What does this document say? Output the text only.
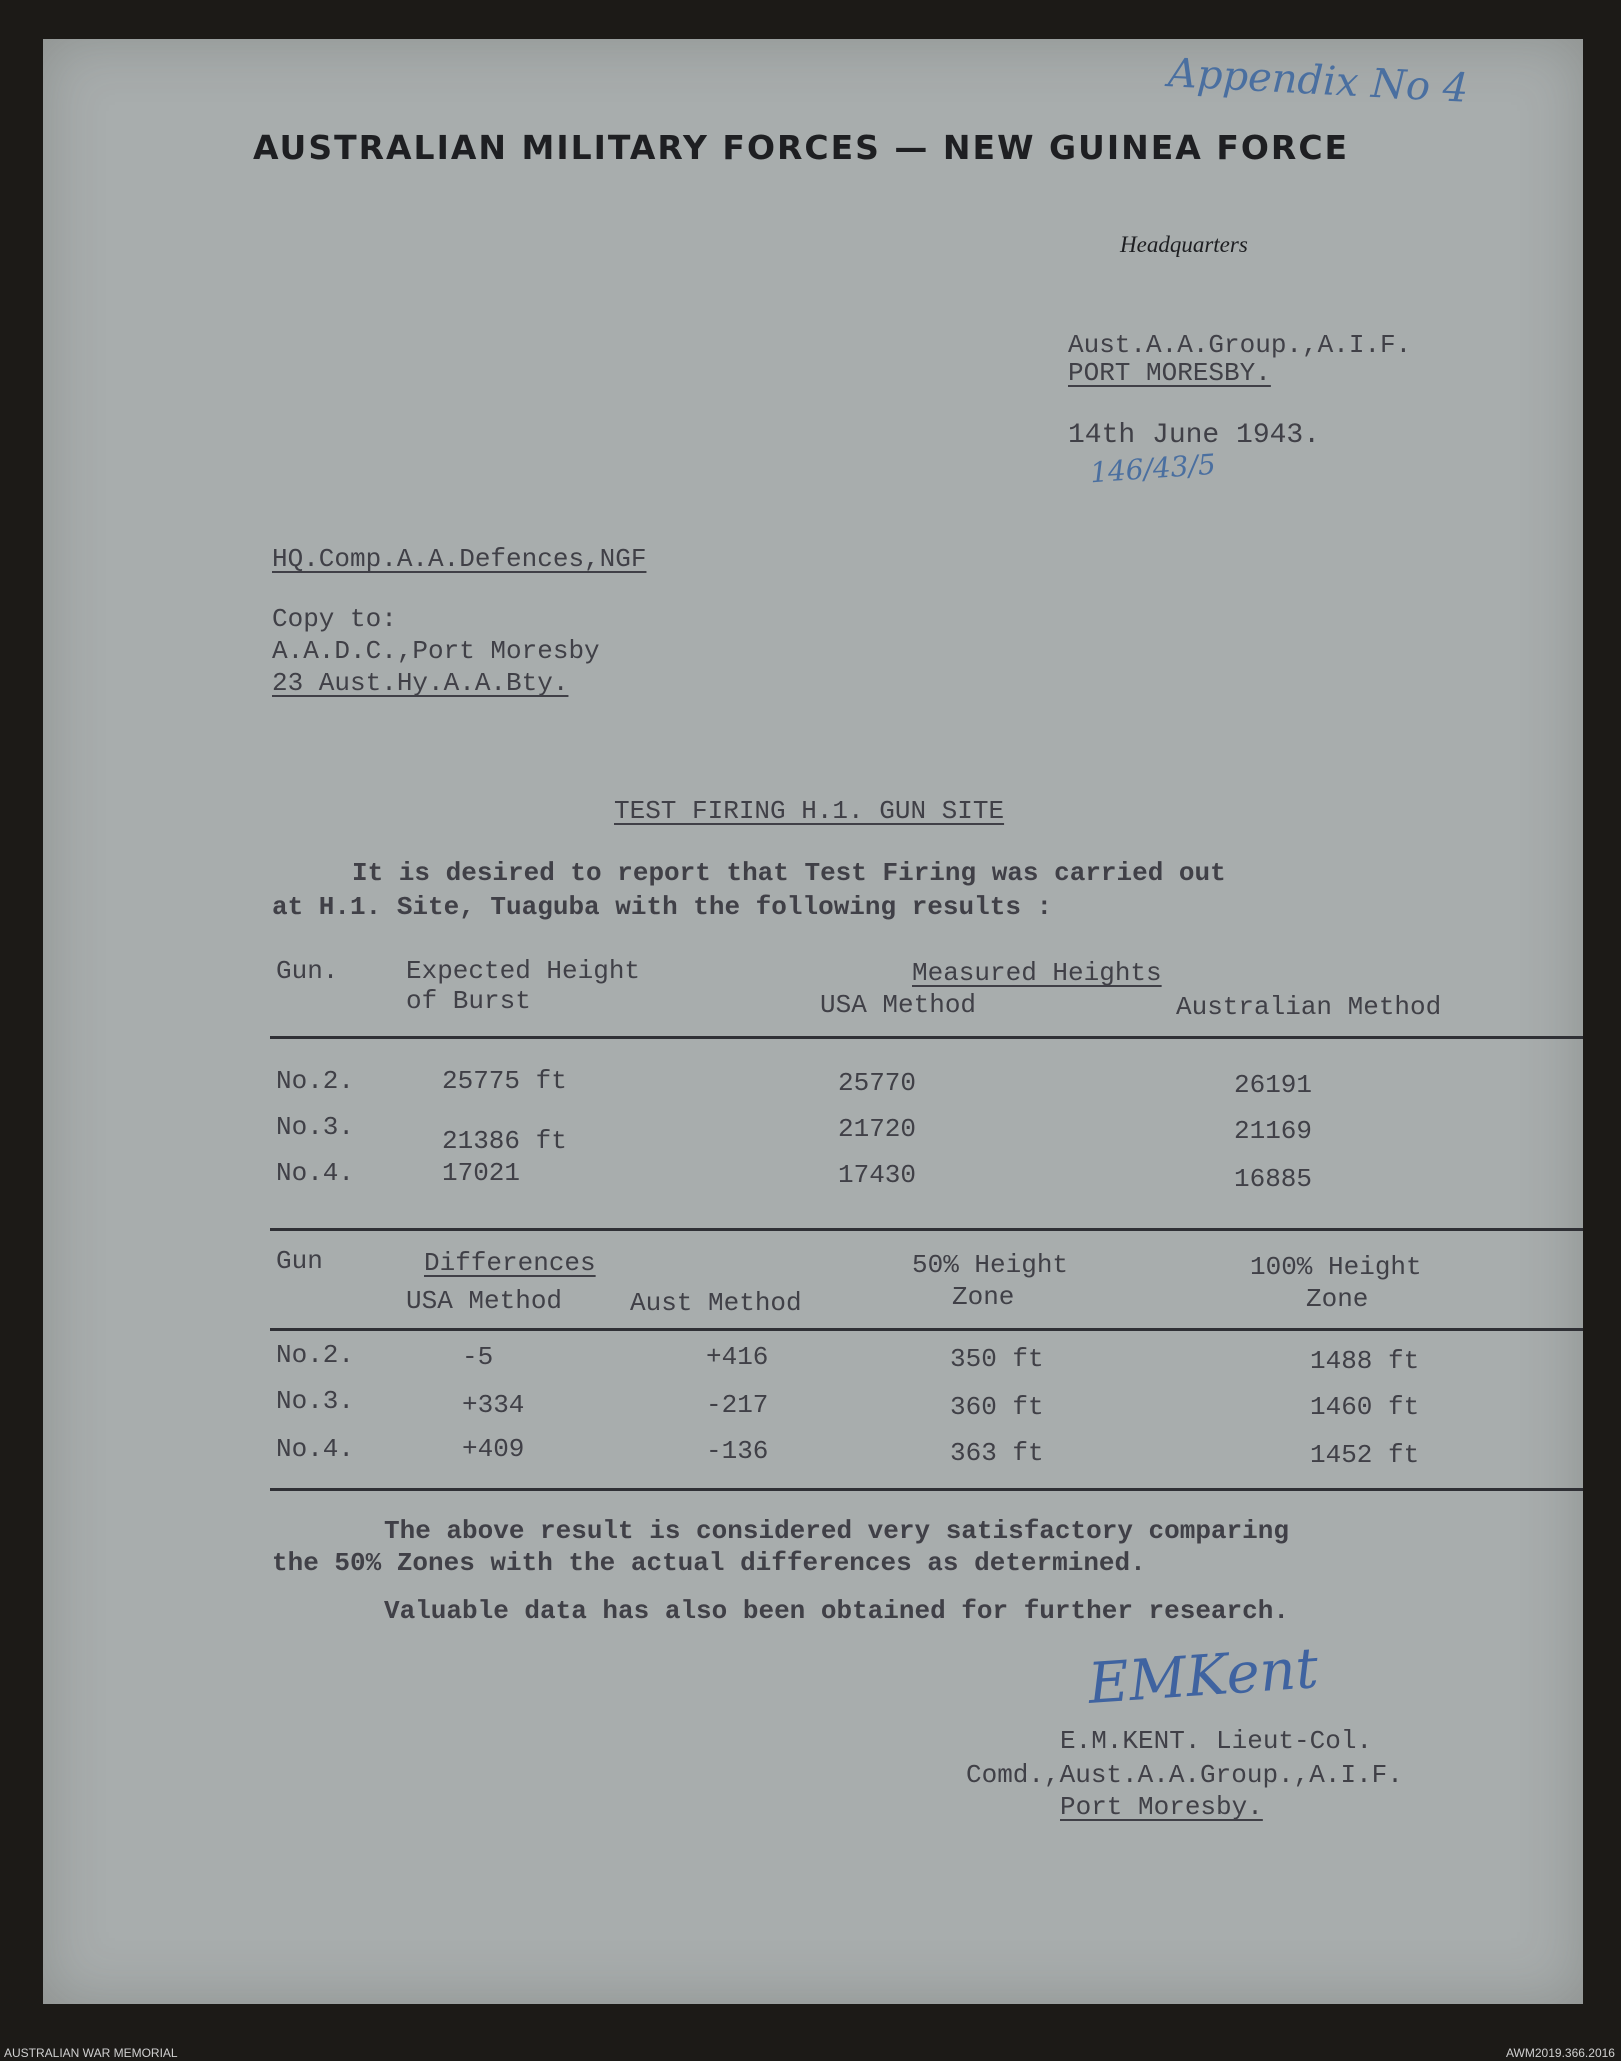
Appendix No 4
AUSTRALIAN MILITARY FORCES — NEW GUINEA FORCE
Headquarters
Aust.A.A.Group.,A.I.F.
PORT MORESBY.
14th June 1943.
146/43/5
HQ.Comp.A.A.Defences,NGF
Copy to:
A.A.D.C.,Port Moresby
23 Aust.Hy.A.A.Bty.
TEST FIRING H.1. GUN SITE
It is desired to report that Test Firing was carried out
at H.1. Site, Tuaguba with the following results :
Gun.	Expected Height
of Burst
Measured Heights
USA Method	Australian Method
No.2.	25775 ft	25770	26191
No.3.	21386 ft	21720	21169
No.4.	17021	17430	16885
Gun	Differences
USA Method	Aust Method
50% Height
Zone
100% Height
Zone
No.2.	-5	+416	350 ft	1488 ft
No.3.	+334	-217	360 ft	1460 ft
No.4.	+409	-136	363 ft	1452 ft
The above result is considered very satisfactory comparing
the 50% Zones with the actual differences as determined.
Valuable data has also been obtained for further research.
EMKent
E.M.KENT. Lieut-Col.
Comd.,Aust.A.A.Group.,A.I.F.
Port Moresby.
AUSTRALIAN WAR MEMORIAL	AWM2019.366.2016
